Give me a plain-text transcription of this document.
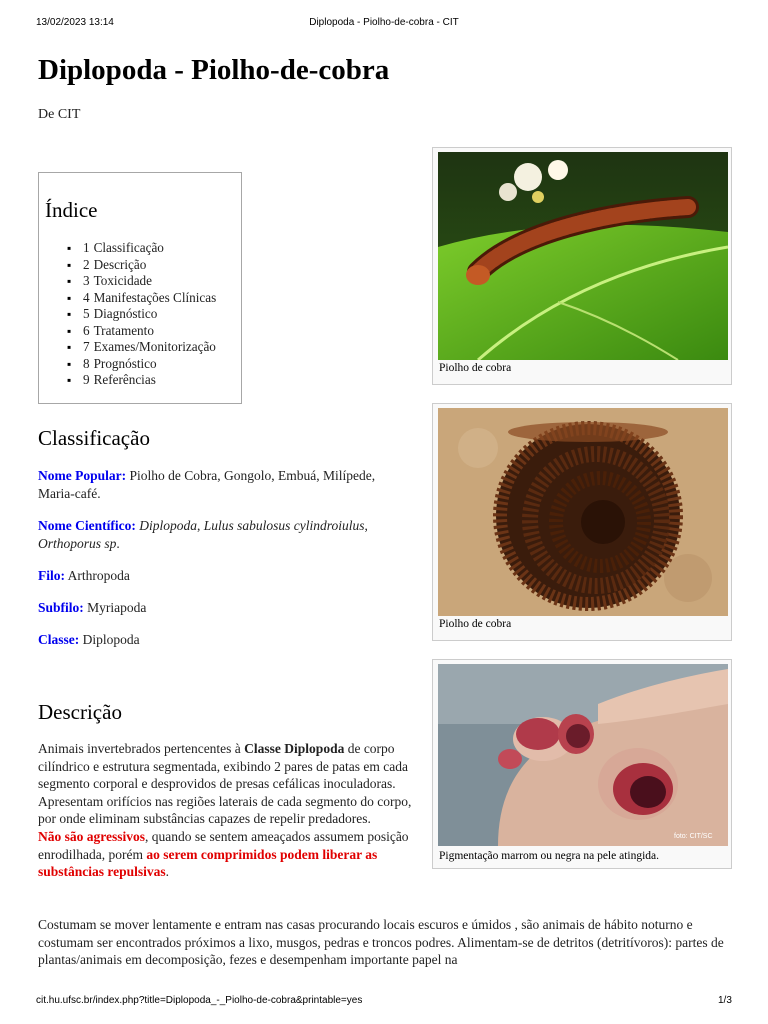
13/02/2023 13:14	Diplopoda - Piolho-de-cobra - CIT
Diplopoda - Piolho-de-cobra
De CIT
Índice
▪ 1 Classificação
▪ 2 Descrição
▪ 3 Toxicidade
▪ 4 Manifestações Clínicas
▪ 5 Diagnóstico
▪ 6 Tratamento
▪ 7 Exames/Monitorização
▪ 8 Prognóstico
▪ 9 Referências
Classificação
Nome Popular: Piolho de Cobra, Gongolo, Embuá, Milípede, Maria-café.
Nome Científico: Diplopoda, Lulus sabulosus cylindroiulus, Orthoporus sp.
Filo: Arthropoda
Subfilo: Myriapoda
Classe: Diplopoda
Descrição
Animais invertebrados pertencentes à Classe Diplopoda de corpo cilíndrico e estrutura segmentada, exibindo 2 pares de patas em cada segmento corporal e desprovidos de presas cefálicas inoculadoras.
Apresentam orifícios nas regiões laterais de cada segmento do corpo, por onde eliminam substâncias capazes de repelir predadores.
Não são agressivos, quando se sentem ameaçados assumem posição enrodilhada, porém ao serem comprimidos podem liberar as substâncias repulsivas.
Costumam se mover lentamente e entram nas casas procurando locais escuros e úmidos , são animais de hábito noturno e costumam ser encontrados próximos a lixo, musgos, pedras e troncos podres. Alimentam-se de detritos (detritívoros): partes de plantas/animais em decomposição, fezes e desempenham importante papel na
Piolho de cobra
Piolho de cobra
foto: CIT/SC
Pigmentação marrom ou negra na pele atingida.
cit.hu.ufsc.br/index.php?title=Diplopoda_-_Piolho-de-cobra&printable=yes	1/3
